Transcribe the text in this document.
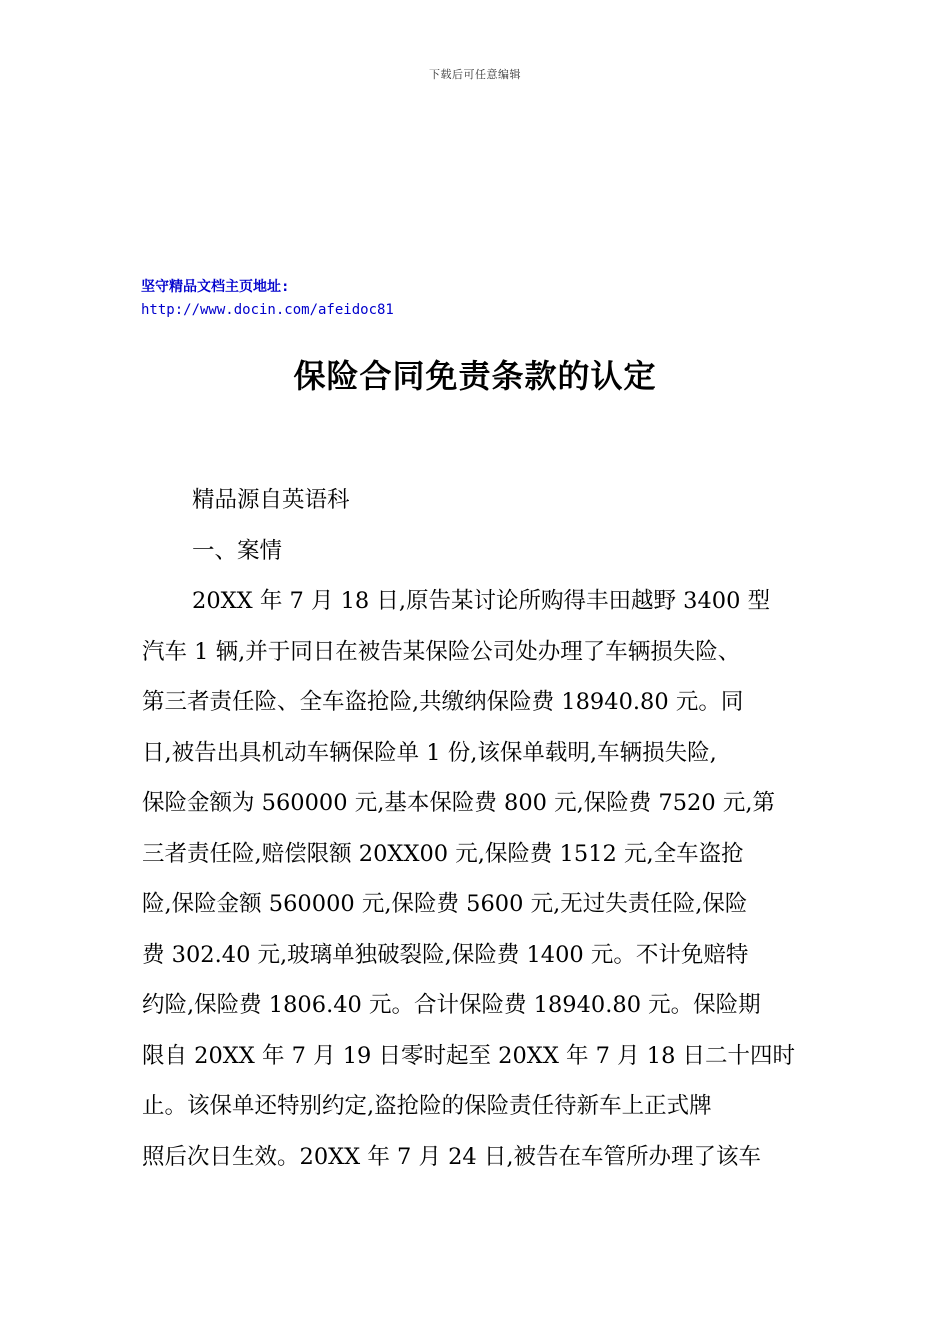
下载后可任意编辑
坚守精品文档主页地址:
http://www.docin.com/afeidoc81
保险合同免责条款的认定
精品源自英语科
一、案情
20XX 年 7 月 18 日,原告某讨论所购得丰田越野 3400 型
汽车 1 辆,并于同日在被告某保险公司处办理了车辆损失险、
第三者责任险、全车盗抢险,共缴纳保险费 18940.80 元。同
日,被告出具机动车辆保险单 1 份,该保单载明,车辆损失险,
保险金额为 560000 元,基本保险费 800 元,保险费 7520 元,第
三者责任险,赔偿限额 20XX00 元,保险费 1512 元,全车盗抢
险,保险金额 560000 元,保险费 5600 元,无过失责任险,保险
费 302.40 元,玻璃单独破裂险,保险费 1400 元。不计免赔特
约险,保险费 1806.40 元。合计保险费 18940.80 元。保险期
限自 20XX 年 7 月 19 日零时起至 20XX 年 7 月 18 日二十四时
止。该保单还特别约定,盗抢险的保险责任待新车上正式牌
照后次日生效。20XX 年 7 月 24 日,被告在车管所办理了该车
